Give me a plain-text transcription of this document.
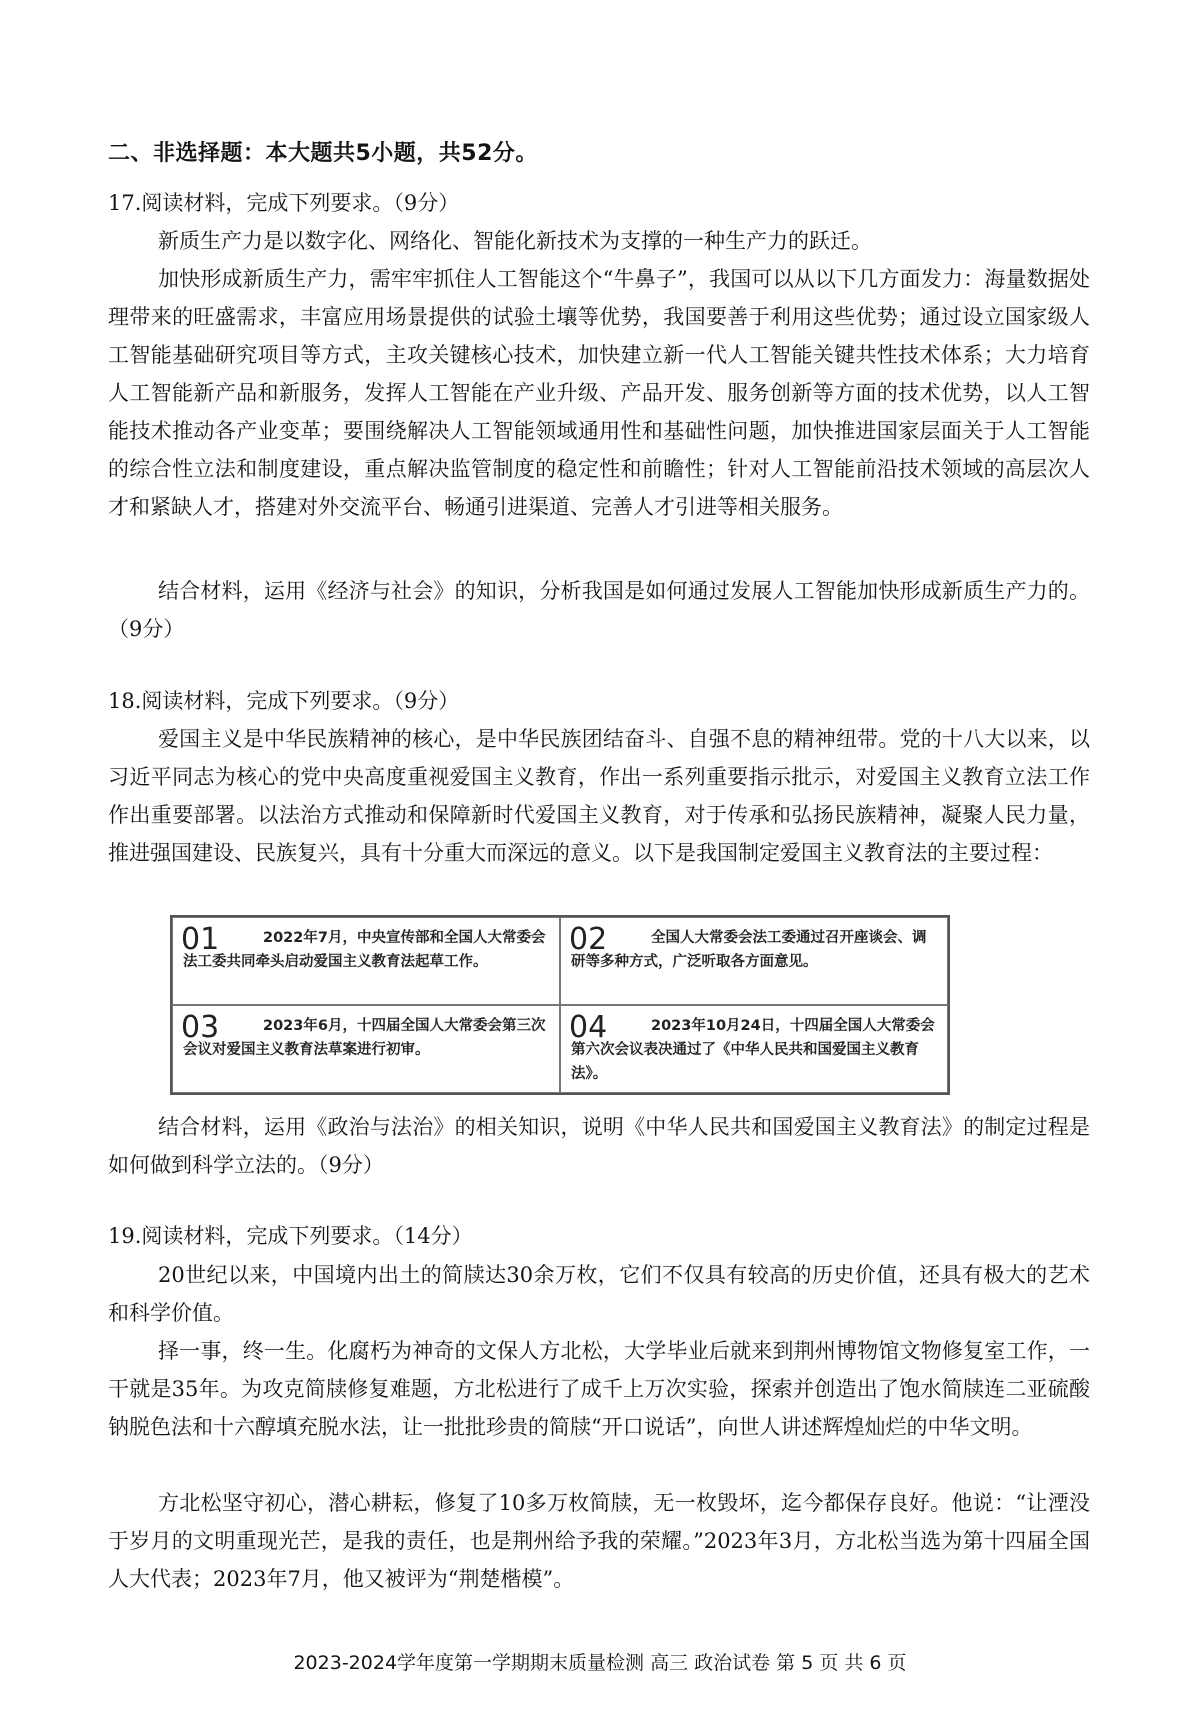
二、非选择题：本大题共5小题，共52分。

17.阅读材料，完成下列要求。（9分）

新质生产力是以数字化、网络化、智能化新技术为支撑的一种生产力的跃迁。

加快形成新质生产力，需牢牢抓住人工智能这个“牛鼻子”，我国可以从以下几方面发力：海量数据处理带来的旺盛需求，丰富应用场景提供的试验土壤等优势，我国要善于利用这些优势；通过设立国家级人工智能基础研究项目等方式，主攻关键核心技术，加快建立新一代人工智能关键共性技术体系；大力培育人工智能新产品和新服务，发挥人工智能在产业升级、产品开发、服务创新等方面的技术优势，以人工智能技术推动各产业变革；要围绕解决人工智能领域通用性和基础性问题，加快推进国家层面关于人工智能的综合性立法和制度建设，重点解决监管制度的稳定性和前瞻性；针对人工智能前沿技术领域的高层次人才和紧缺人才，搭建对外交流平台、畅通引进渠道、完善人才引进等相关服务。

结合材料，运用《经济与社会》的知识，分析我国是如何通过发展人工智能加快形成新质生产力的。（9分）

18.阅读材料，完成下列要求。（9分）

爱国主义是中华民族精神的核心，是中华民族团结奋斗、自强不息的精神纽带。党的十八大以来，以习近平同志为核心的党中央高度重视爱国主义教育，作出一系列重要指示批示，对爱国主义教育立法工作作出重要部署。以法治方式推动和保障新时代爱国主义教育，对于传承和弘扬民族精神，凝聚人民力量，推进强国建设、民族复兴，具有十分重大而深远的意义。以下是我国制定爱国主义教育法的主要过程：

01	2022年7月，中央宣传部和全国人大常委会法工委共同牵头启动爱国主义教育法起草工作。

02	全国人大常委会法工委通过召开座谈会、调研等多种方式，广泛听取各方面意见。

03	2023年6月，十四届全国人大常委会第三次会议对爱国主义教育法草案进行初审。

04	2023年10月24日，十四届全国人大常委会第六次会议表决通过了《中华人民共和国爱国主义教育法》。

结合材料，运用《政治与法治》的相关知识，说明《中华人民共和国爱国主义教育法》的制定过程是如何做到科学立法的。（9分）

19.阅读材料，完成下列要求。（14分）

20世纪以来，中国境内出土的简牍达30余万枚，它们不仅具有较高的历史价值，还具有极大的艺术和科学价值。

择一事，终一生。化腐朽为神奇的文保人方北松，大学毕业后就来到荆州博物馆文物修复室工作，一干就是35年。为攻克简牍修复难题，方北松进行了成千上万次实验，探索并创造出了饱水简牍连二亚硫酸钠脱色法和十六醇填充脱水法，让一批批珍贵的简牍“开口说话”，向世人讲述辉煌灿烂的中华文明。

方北松坚守初心，潜心耕耘，修复了10多万枚简牍，无一枚毁坏，迄今都保存良好。他说：“让湮没于岁月的文明重现光芒，是我的责任，也是荆州给予我的荣耀。”2023年3月，方北松当选为第十四届全国人大代表；2023年7月，他又被评为“荆楚楷模”。

2023-2024学年度第一学期期末质量检测 高三 政治试卷 第 5 页 共 6 页
